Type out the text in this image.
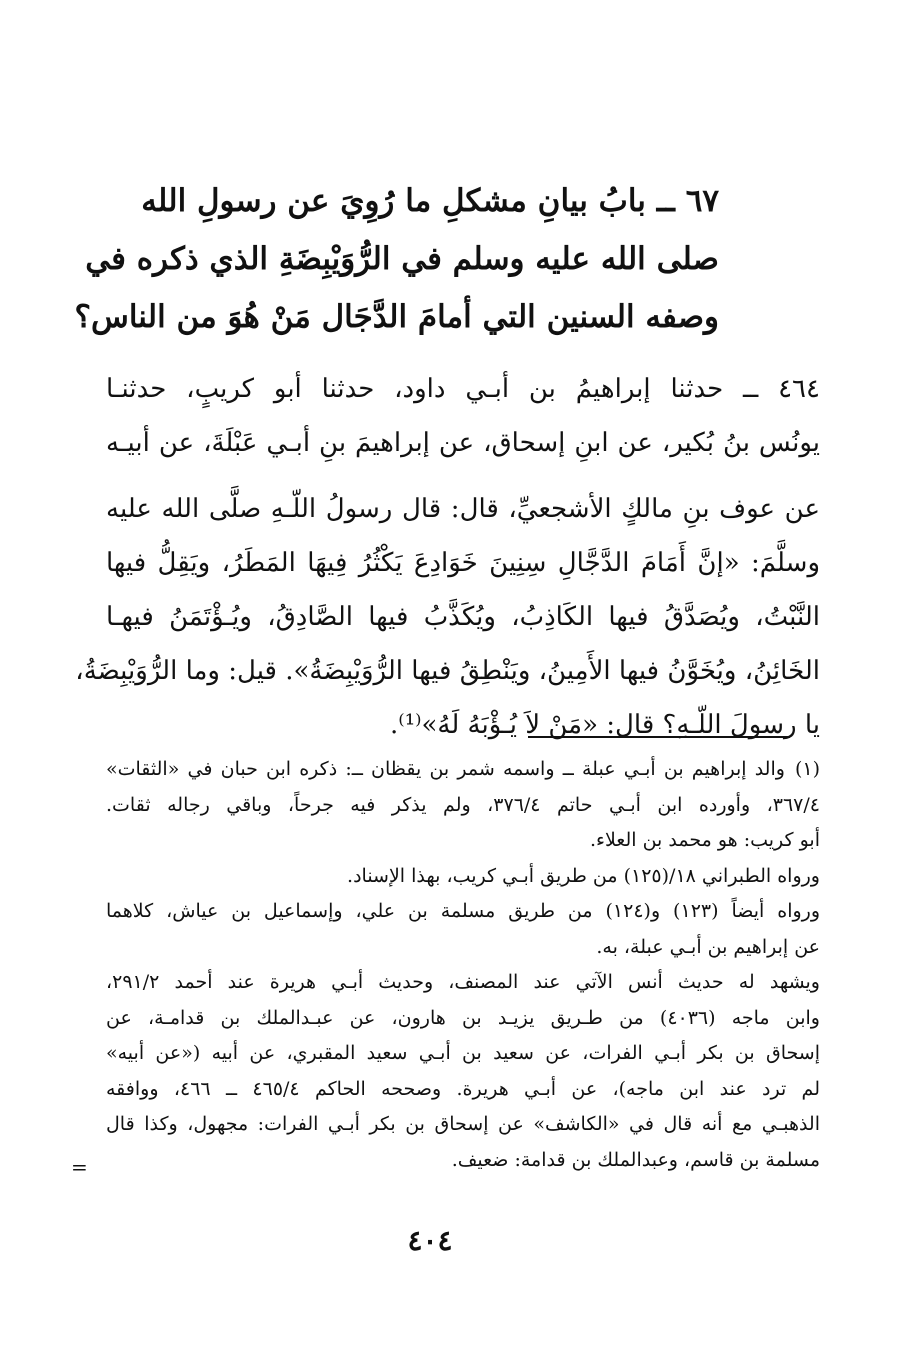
٦٧ ــ بابُ بيانِ مشكلِ ما رُوِيَ عن رسولِ الله
صلى الله عليه وسلم في الرُّوَيْبِضَةِ الذي ذكره في
وصفه السنين التي أمامَ الدَّجَال مَنْ هُوَ من الناس؟
٤٦٤ ــ حدثنا إبراهيمُ بن أبـي داود، حدثنا أبو كريبٍ، حدثنـا
يونُس بنُ بُكير، عن ابنِ إسحاق، عن إبراهيمَ بنِ أبـي عَبْلَةَ، عن أبيـه
عن عوف بنِ مالكٍ الأشجعيِّ، قال: قال رسولُ اللّـهِ صلَّى الله عليه
وسلَّمَ: «إنَّ أَمَامَ الدَّجَّالِ سِنِينَ خَوَادِعَ يَكْثُرُ فِيهَا المَطَرُ، ويَقِلُّ فيها
النَّبْتُ، ويُصَدَّقُ فيها الكَاذِبُ، ويُكَذَّبُ فيها الصَّادِقُ، ويُـؤْتَمَنُ فيهـا
الخَائِنُ، ويُخَوَّنُ فيها الأَمِينُ، ويَنْطِقُ فيها الرُّوَيْبِضَةُ». قيل: وما الرُّوَيْبِضَةُ،
يا رسولَ اللّـهِ؟ قال: «مَنْ لاَ يُـؤْبَهُ لَهُ»⁽¹⁾.
(١)والد إبراهيم بن أبـي عبلة ــ واسمه شمر بن يقظان ــ: ذكره ابن حبان في «الثقات»
٣٦٧/٤، وأورده ابن أبـي حاتم ٣٧٦/٤، ولم يذكر فيه جرحاً، وباقي رجاله ثقات.
أبو كريب: هو محمد بن العلاء.
ورواه الطبراني ١٨/(١٢٥) من طريق أبـي كريب، بهذا الإسناد.
ورواه أيضاً (١٢٣) و(١٢٤) من طريق مسلمة بن علي، وإسماعيل بن عياش، كلاهما
عن إبراهيم بن أبـي عبلة، به.
ويشهد له حديث أنس الآتي عند المصنف، وحديث أبـي هريرة عند أحمد ٢٩١/٢،
وابن ماجه (٤٠٣٦) من طـريق يزيـد بن هارون، عن عبـدالملك بن قدامـة، عن
إسحاق بن بكر أبـي الفرات، عن سعيد بن أبـي سعيد المقبري، عن أبيه («عن أبيه»
لم ترد عند ابن ماجه)، عن أبـي هريرة. وصححه الحاكم ٤٦٥/٤ ــ ٤٦٦، ووافقه
الذهبـي مع أنه قال في «الكاشف» عن إسحاق بن بكر أبـي الفرات: مجهول، وكذا قال
مسلمة بن قاسم، وعبدالملك بن قدامة: ضعيف.
=
٤٠٤
